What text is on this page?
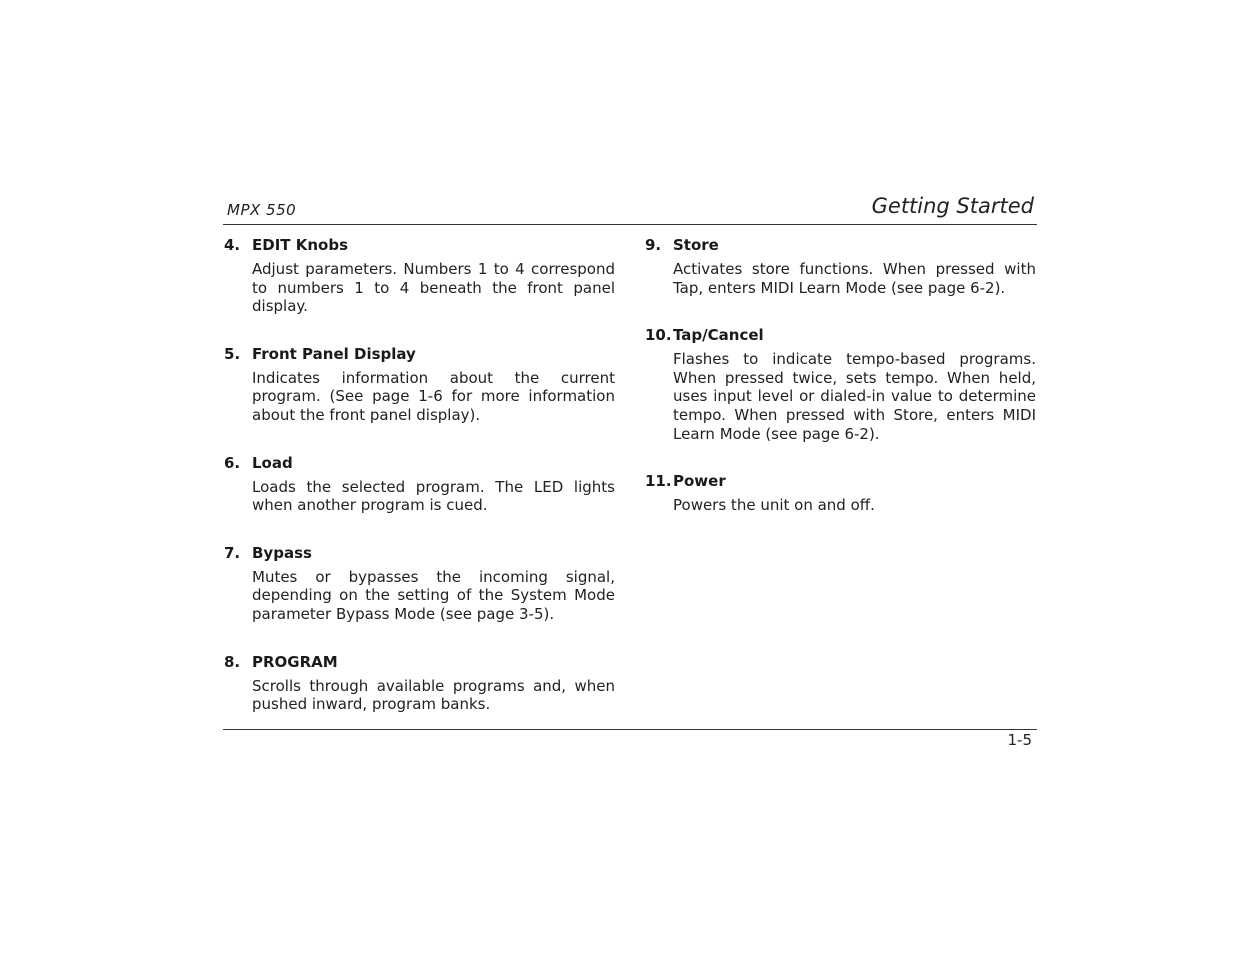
MPX 550	Getting Started
4. EDIT Knobs
Adjust parameters. Numbers 1 to 4 correspond to numbers 1 to 4 beneath the front panel display.
5. Front Panel Display
Indicates information about the current program. (See page 1-6 for more information about the front panel display).
6. Load
Loads the selected program. The LED lights when another program is cued.
7. Bypass
Mutes or bypasses the incoming signal, depending on the setting of the System Mode parameter Bypass Mode (see page 3-5).
8. PROGRAM
Scrolls through available programs and, when pushed inward, program banks.
9. Store
Activates store functions. When pressed with Tap, enters MIDI Learn Mode (see page 6-2).
10. Tap/Cancel
Flashes to indicate tempo-based programs. When pressed twice, sets tempo. When held, uses input level or dialed-in value to determine tempo. When pressed with Store, enters MIDI Learn Mode (see page 6-2).
11. Power
Powers the unit on and off.
1-5
